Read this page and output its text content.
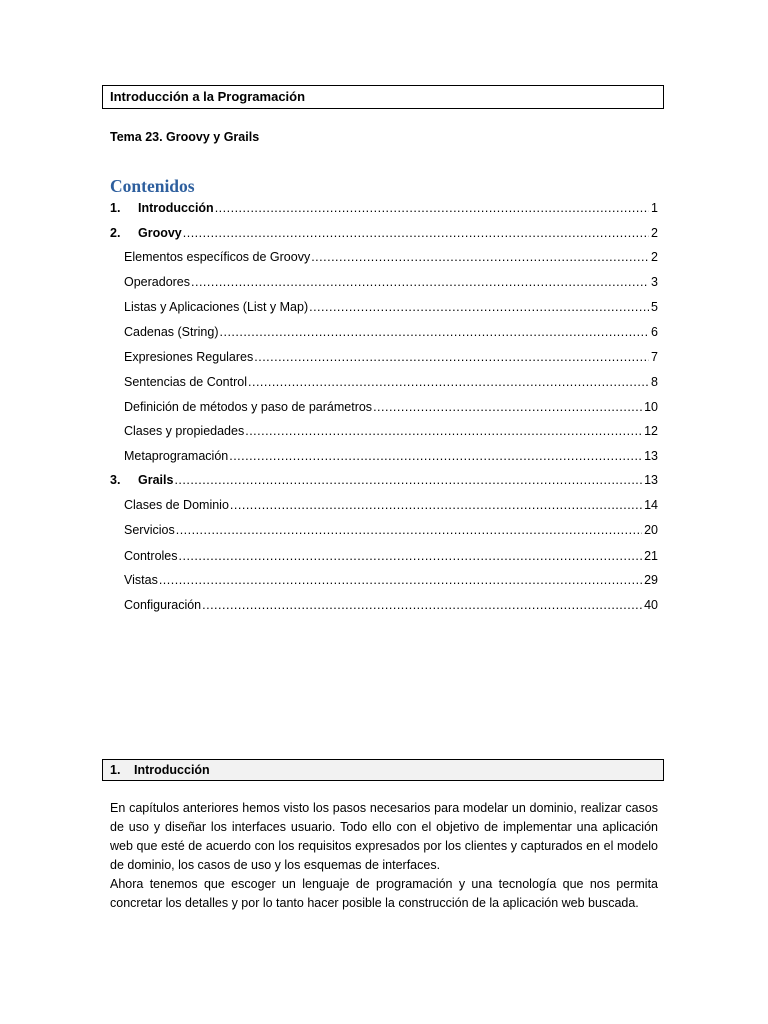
Introducción a la Programación
Tema 23. Groovy y Grails
Contenidos
1.	Introducción .....	1
2.	Groovy .....	2
Elementos específicos de Groovy .....	2
Operadores .....	3
Listas y Aplicaciones (List y Map) .....	5
Cadenas (String) .....	6
Expresiones Regulares .....	7
Sentencias de Control .....	8
Definición de métodos y paso de parámetros .....	10
Clases y propiedades .....	12
Metaprogramación .....	13
3.	Grails .....	13
Clases de Dominio .....	14
Servicios .....	20
Controles .....	21
Vistas .....	29
Configuración .....	40
1. Introducción

En capítulos anteriores hemos visto los pasos necesarios para modelar un dominio, realizar casos de uso y diseñar los interfaces usuario. Todo ello con el objetivo de implementar una aplicación web que esté de acuerdo con los requisitos expresados por los clientes y capturados en el modelo de dominio, los casos de uso y los esquemas de interfaces.

Ahora tenemos que escoger un lenguaje de programación y una tecnología que nos permita concretar los detalles y por lo tanto hacer posible la construcción de la aplicación web buscada.
